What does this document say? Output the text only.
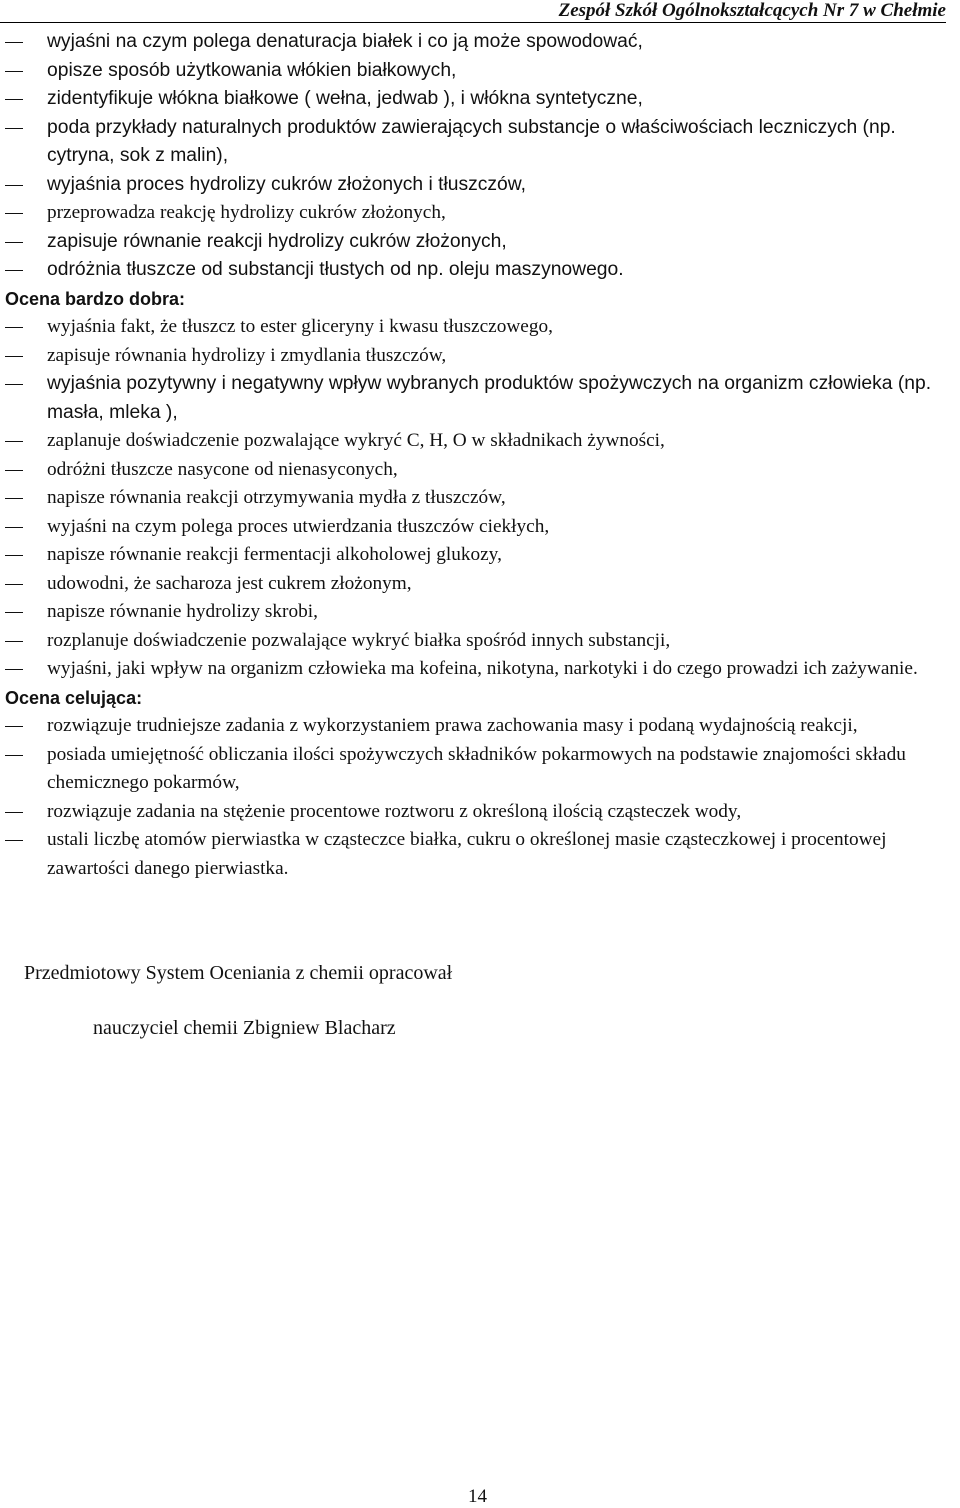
Zespół Szkół Ogólnokształcących Nr 7 w Chełmie
wyjaśni na czym polega denaturacja białek i co ją może spowodować,
opisze sposób użytkowania włókien białkowych,
zidentyfikuje włókna białkowe ( wełna, jedwab ), i włókna syntetyczne,
poda przykłady naturalnych produktów zawierających substancje o właściwościach leczniczych (np. cytryna, sok z malin),
wyjaśnia proces hydrolizy cukrów złożonych i tłuszczów,
przeprowadza reakcję hydrolizy cukrów złożonych,
zapisuje równanie reakcji hydrolizy cukrów złożonych,
odróżnia tłuszcze od substancji tłustych od np. oleju maszynowego.
Ocena bardzo dobra:
wyjaśnia fakt, że tłuszcz to ester gliceryny i kwasu tłuszczowego,
zapisuje równania hydrolizy i zmydlania tłuszczów,
wyjaśnia pozytywny i negatywny wpływ wybranych produktów spożywczych na organizm człowieka (np. masła, mleka ),
zaplanuje doświadczenie pozwalające wykryć C, H, O w składnikach żywności,
odróżni tłuszcze nasycone od nienasyconych,
napisze równania reakcji otrzymywania mydła z tłuszczów,
wyjaśni na czym polega proces utwierdzania tłuszczów ciekłych,
napisze równanie reakcji fermentacji alkoholowej glukozy,
udowodni, że sacharoza jest cukrem złożonym,
napisze równanie hydrolizy skrobi,
rozplanuje doświadczenie pozwalające wykryć białka spośród innych substancji,
wyjaśni, jaki wpływ na organizm człowieka ma kofeina, nikotyna, narkotyki i do czego prowadzi ich zażywanie.
Ocena celująca:
rozwiązuje trudniejsze zadania z wykorzystaniem prawa zachowania masy i podaną wydajnością reakcji,
posiada umiejętność obliczania ilości spożywczych składników pokarmowych na podstawie znajomości składu chemicznego pokarmów,
rozwiązuje zadania na stężenie procentowe roztworu z określoną ilością cząsteczek wody,
ustali liczbę atomów pierwiastka w cząsteczce białka, cukru o określonej masie cząsteczkowej i procentowej zawartości danego pierwiastka.
Przedmiotowy System Oceniania z chemii opracował
nauczyciel chemii Zbigniew Blacharz
14
